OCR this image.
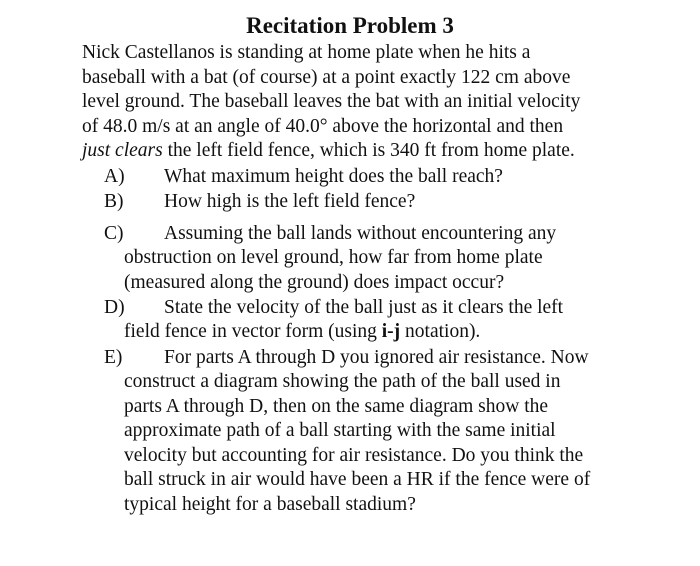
Recitation Problem 3
Nick Castellanos is standing at home plate when he hits a
baseball with a bat (of course) at a point exactly 122 cm above
level ground. The baseball leaves the bat with an initial velocity
of 48.0 m/s at an angle of 40.0° above the horizontal and then
just clears the left field fence, which is 340 ft from home plate.
A) What maximum height does the ball reach?
B) How high is the left field fence?
C) Assuming the ball lands without encountering any
obstruction on level ground, how far from home plate
(measured along the ground) does impact occur?
D) State the velocity of the ball just as it clears the left
field fence in vector form (using i-j notation).
E) For parts A through D you ignored air resistance. Now
construct a diagram showing the path of the ball used in
parts A through D, then on the same diagram show the
approximate path of a ball starting with the same initial
velocity but accounting for air resistance. Do you think the
ball struck in air would have been a HR if the fence were of
typical height for a baseball stadium?
